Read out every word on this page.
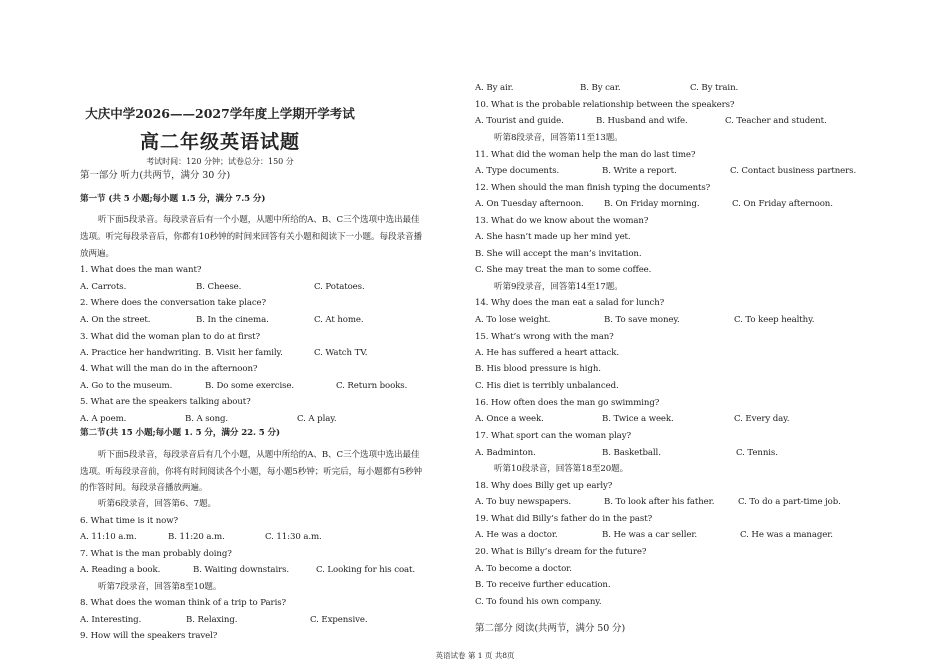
大庆中学2026——2027学年度上学期开学考试
高二年级英语试题
考试时间：120 分钟；试卷总分：150 分
第一部分 听力(共两节，满分 30 分)
第一节 (共 5 小题;每小题 1.5 分，满分 7.5 分)
听下面5段录音。每段录音后有一个小题，从题中所给的A、B、C三个选项中选出最佳
选项。听完每段录音后，你都有10秒钟的时间来回答有关小题和阅读下一小题。每段录音播
放两遍。
1. What does the man want?
A. Carrots.	B. Cheese.	C. Potatoes.
2. Where does the conversation take place?
A. On the street.	B. In the cinema.	C. At home.
3. What did the woman plan to do at first?
A. Practice her handwriting. B. Visit her family.	C. Watch TV.
4. What will the man do in the afternoon?
A. Go to the museum.	B. Do some exercise.	C. Return books.
5. What are the speakers talking about?
A. A poem.	B. A song.	C. A play.
第二节(共 15 小题;每小题 1. 5 分，满分 22. 5 分)
听下面5段录音，每段录音后有几个小题，从题中所给的A、B、C三个选项中选出最佳
选项。听每段录音前，你将有时间阅读各个小题，每小题5秒钟；听完后，每小题都有5秒钟
的作答时间。每段录音播放两遍。
听第6段录音，回答第6、7题。
6. What time is it now?
A. 11:10 a.m.	B. 11:20 a.m.	C. 11:30 a.m.
7. What is the man probably doing?
A. Reading a book.	B. Waiting downstairs.	C. Looking for his coat.
听第7段录音，回答第8至10题。
8. What does the woman think of a trip to Paris?
A. Interesting.	B. Relaxing.	C. Expensive.
9. How will the speakers travel?
A. By air.	B. By car.	C. By train.
10. What is the probable relationship between the speakers?
A. Tourist and guide.	B. Husband and wife.	C. Teacher and student.
听第8段录音，回答第11至13题。
11. What did the woman help the man do last time?
A. Type documents.	B. Write a report.	C. Contact business partners.
12. When should the man finish typing the documents?
A. On Tuesday afternoon. B. On Friday morning.	C. On Friday afternoon.
13. What do we know about the woman?
A. She hasn’t made up her mind yet.
B. She will accept the man’s invitation.
C. She may treat the man to some coffee.
听第9段录音，回答第14至17题。
14. Why does the man eat a salad for lunch?
A. To lose weight.	B. To save money.	C. To keep healthy.
15. What’s wrong with the man?
A. He has suffered a heart attack.
B. His blood pressure is high.
C. His diet is terribly unbalanced.
16. How often does the man go swimming?
A. Once a week.	B. Twice a week.	C. Every day.
17. What sport can the woman play?
A. Badminton.	B. Basketball.	C. Tennis.
听第10段录音，回答第18至20题。
18. Why does Billy get up early?
A. To buy newspapers.	B. To look after his father.	C. To do a part-time job.
19. What did Billy’s father do in the past?
A. He was a doctor.	B. He was a car seller.	C. He was a manager.
20. What is Billy’s dream for the future?
A. To become a doctor.
B. To receive further education.
C. To found his own company.
第二部分 阅读(共两节，满分 50 分)
英语试卷 第 1 页 共8页
